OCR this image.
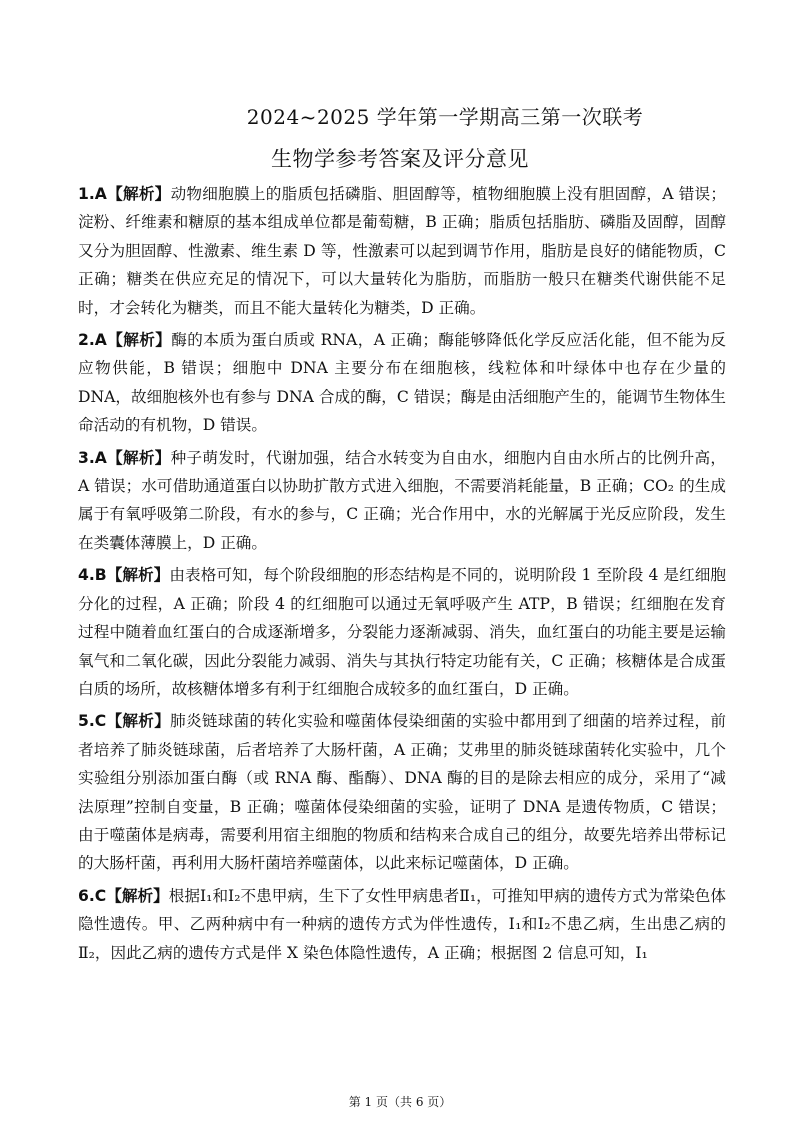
2024~2025 学年第一学期高三第一次联考
生物学参考答案及评分意见

1.A【解析】动物细胞膜上的脂质包括磷脂、胆固醇等，植物细胞膜上没有胆固醇，A 错误；淀粉、纤维素和糖原的基本组成单位都是葡萄糖，B 正确；脂质包括脂肪、磷脂及固醇，固醇又分为胆固醇、性激素、维生素 D 等，性激素可以起到调节作用，脂肪是良好的储能物质，C 正确；糖类在供应充足的情况下，可以大量转化为脂肪，而脂肪一般只在糖类代谢供能不足时，才会转化为糖类，而且不能大量转化为糖类，D 正确。

2.A【解析】酶的本质为蛋白质或 RNA，A 正确；酶能够降低化学反应活化能，但不能为反应物供能，B 错误；细胞中 DNA 主要分布在细胞核，线粒体和叶绿体中也存在少量的 DNA，故细胞核外也有参与 DNA 合成的酶，C 错误；酶是由活细胞产生的，能调节生物体生命活动的有机物，D 错误。

3.A【解析】种子萌发时，代谢加强，结合水转变为自由水，细胞内自由水所占的比例升高，A 错误；水可借助通道蛋白以协助扩散方式进入细胞，不需要消耗能量，B 正确；CO₂ 的生成属于有氧呼吸第二阶段，有水的参与，C 正确；光合作用中，水的光解属于光反应阶段，发生在类囊体薄膜上，D 正确。

4.B【解析】由表格可知，每个阶段细胞的形态结构是不同的，说明阶段 1 至阶段 4 是红细胞分化的过程，A 正确；阶段 4 的红细胞可以通过无氧呼吸产生 ATP，B 错误；红细胞在发育过程中随着血红蛋白的合成逐渐增多，分裂能力逐渐减弱、消失，血红蛋白的功能主要是运输氧气和二氧化碳，因此分裂能力减弱、消失与其执行特定功能有关，C 正确；核糖体是合成蛋白质的场所，故核糖体增多有利于红细胞合成较多的血红蛋白，D 正确。

5.C【解析】肺炎链球菌的转化实验和噬菌体侵染细菌的实验中都用到了细菌的培养过程，前者培养了肺炎链球菌，后者培养了大肠杆菌，A 正确；艾弗里的肺炎链球菌转化实验中，几个实验组分别添加蛋白酶（或 RNA 酶、酯酶）、DNA 酶的目的是除去相应的成分，采用了“减法原理”控制自变量，B 正确；噬菌体侵染细菌的实验，证明了 DNA 是遗传物质，C 错误；由于噬菌体是病毒，需要利用宿主细胞的物质和结构来合成自己的组分，故要先培养出带标记的大肠杆菌，再利用大肠杆菌培养噬菌体，以此来标记噬菌体，D 正确。

6.C【解析】根据Ⅰ₁和Ⅰ₂不患甲病，生下了女性甲病患者Ⅱ₁，可推知甲病的遗传方式为常染色体隐性遗传。甲、乙两种病中有一种病的遗传方式为伴性遗传，Ⅰ₁和Ⅰ₂不患乙病，生出患乙病的Ⅱ₂，因此乙病的遗传方式是伴 X 染色体隐性遗传，A 正确；根据图 2 信息可知，Ⅰ₁

第 1 页（共 6 页）
